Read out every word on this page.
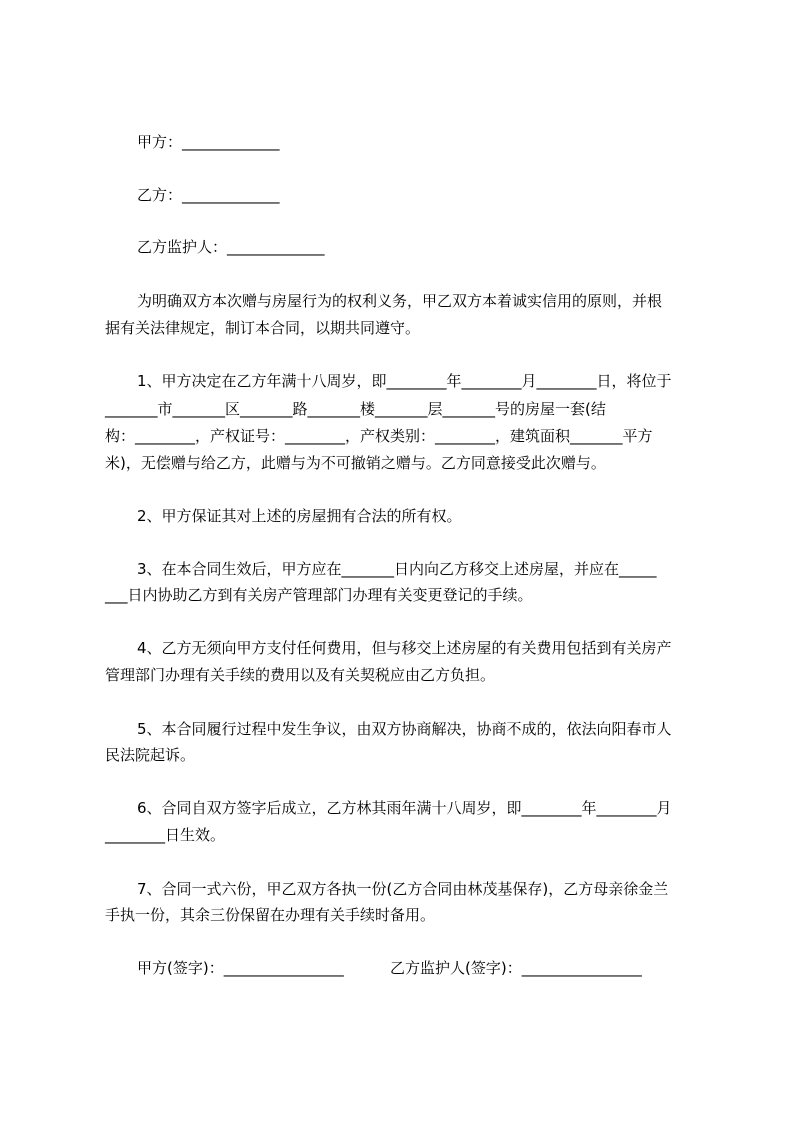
甲方：_____________
乙方：_____________
乙方监护人：_____________
为明确双方本次赠与房屋行为的权利义务，甲乙双方本着诚实信用的原则，并根
据有关法律规定，制订本合同，以期共同遵守。
1、甲方决定在乙方年满十八周岁，即________年________月________日，将位于
_______市_______区_______路_______楼_______层_______号的房屋一套(结
构：________，产权证号：________，产权类别：________，建筑面积_______平方
米)，无偿赠与给乙方，此赠与为不可撤销之赠与。乙方同意接受此次赠与。
2、甲方保证其对上述的房屋拥有合法的所有权。
3、在本合同生效后，甲方应在_______日内向乙方移交上述房屋，并应在_____
___日内协助乙方到有关房产管理部门办理有关变更登记的手续。
4、乙方无须向甲方支付任何费用，但与移交上述房屋的有关费用包括到有关房产
管理部门办理有关手续的费用以及有关契税应由乙方负担。
5、本合同履行过程中发生争议，由双方协商解决，协商不成的，依法向阳春市人
民法院起诉。
6、合同自双方签字后成立，乙方林其雨年满十八周岁，即________年________月
________日生效。
7、合同一式六份，甲乙双方各执一份(乙方合同由林茂基保存)，乙方母亲徐金兰
手执一份，其余三份保留在办理有关手续时备用。
甲方(签字)：________________	乙方监护人(签字)：________________
